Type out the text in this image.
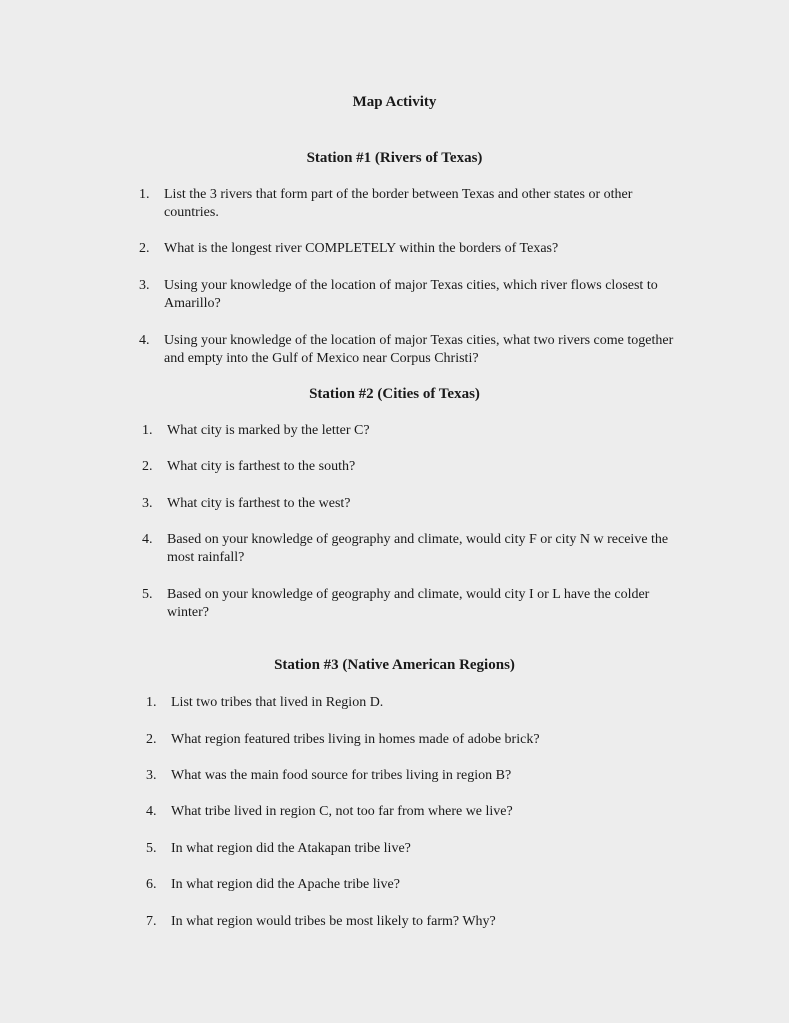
Map Activity
Station #1 (Rivers of Texas)
1.	List the 3 rivers that form part of the border between Texas and other states or other countries.
2.	What is the longest river COMPLETELY within the borders of Texas?
3.	Using your knowledge of the location of major Texas cities, which river flows closest to Amarillo?
4.	Using your knowledge of the location of major Texas cities, what two rivers come together and empty into the Gulf of Mexico near Corpus Christi?
Station #2 (Cities of Texas)
1.	What city is marked by the letter C?
2.	What city is farthest to the south?
3.	What city is farthest to the west?
4.	Based on your knowledge of geography and climate, would city F or city N w receive the most rainfall?
5.	Based on your knowledge of geography and climate, would city I or L have the colder winter?
Station #3 (Native American Regions)
1.	List two tribes that lived in Region D.
2.	What region featured tribes living in homes made of adobe brick?
3.	What was the main food source for tribes living in region B?
4.	What tribe lived in region C, not too far from where we live?
5.	In what region did the Atakapan tribe live?
6.	In what region did the Apache tribe live?
7.	In what region would tribes be most likely to farm? Why?
